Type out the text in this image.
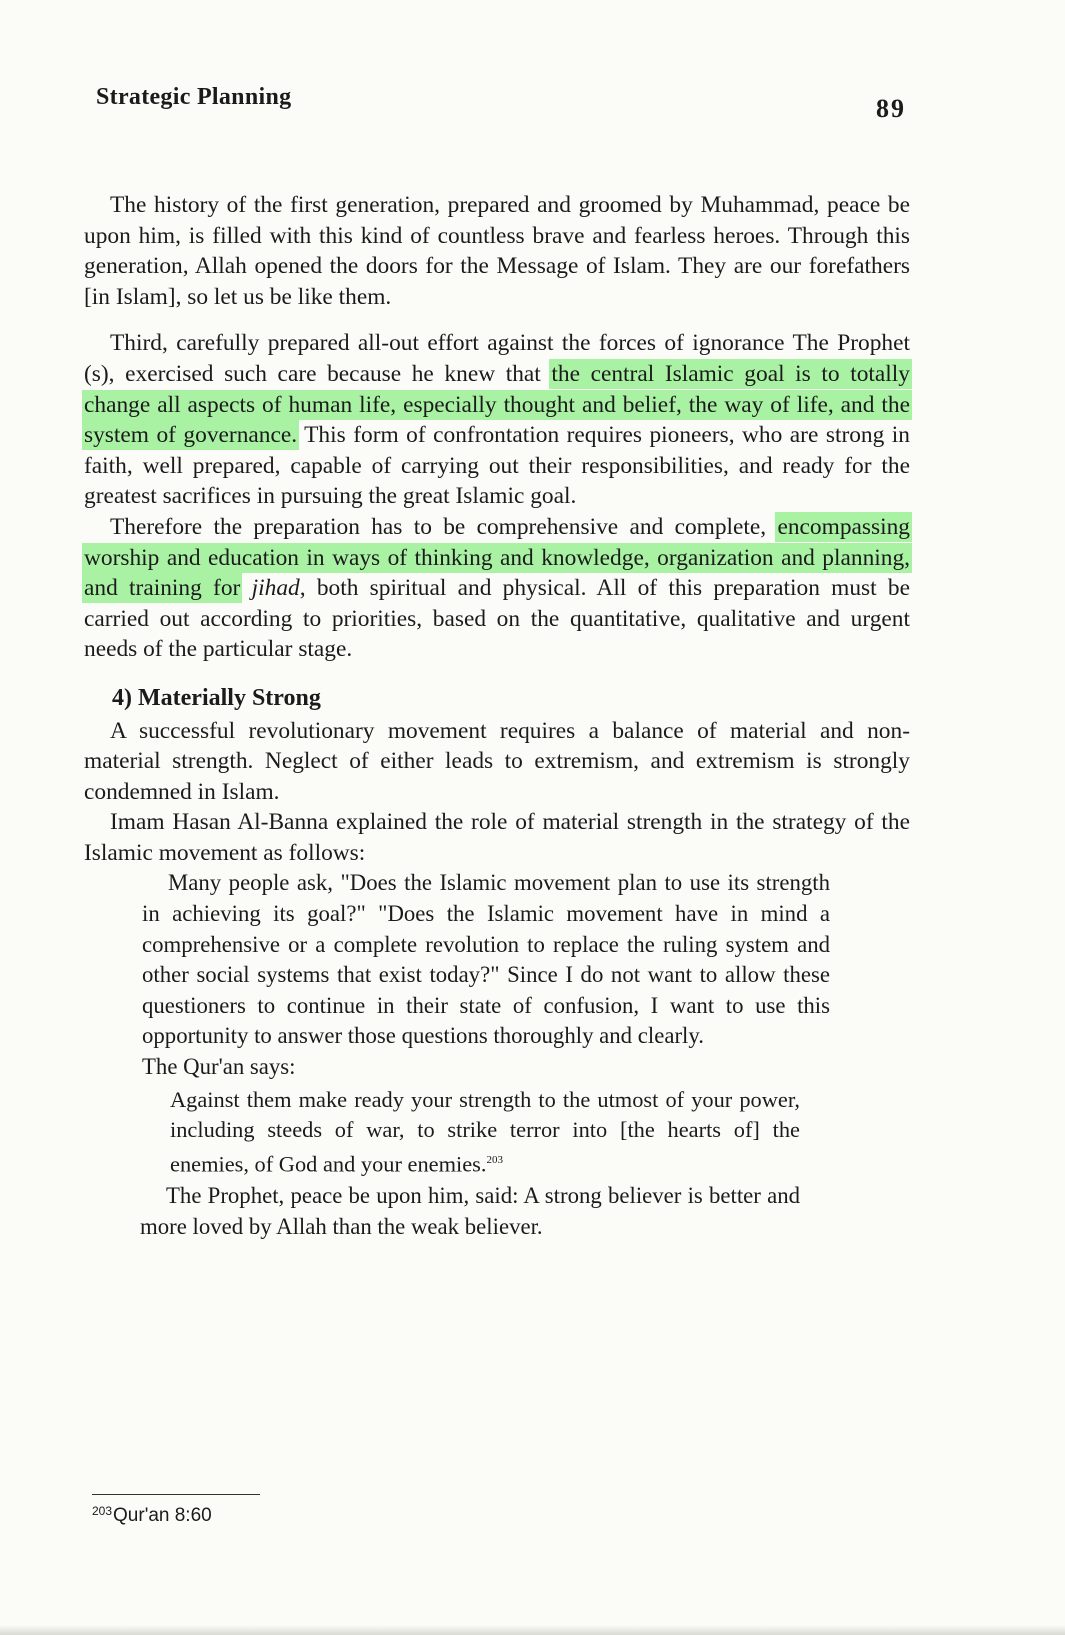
Strategic Planning	89

The history of the first generation, prepared and groomed by Muhammad, peace be upon him, is filled with this kind of countless brave and fearless heroes. Through this generation, Allah opened the doors for the Message of Islam. They are our forefathers [in Islam], so let us be like them.

Third, carefully prepared all-out effort against the forces of ignorance The Prophet (s), exercised such care because he knew that the central Islamic goal is to totally change all aspects of human life, especially thought and belief, the way of life, and the system of governance. This form of confrontation requires pioneers, who are strong in faith, well prepared, capable of carrying out their responsibilities, and ready for the greatest sacrifices in pursuing the great Islamic goal.

Therefore the preparation has to be comprehensive and complete, encompassing worship and education in ways of thinking and knowledge, organization and planning, and training for jihad, both spiritual and physical. All of this preparation must be carried out according to priorities, based on the quantitative, qualitative and urgent needs of the particular stage.

4) Materially Strong

A successful revolutionary movement requires a balance of material and non-material strength. Neglect of either leads to extremism, and extremism is strongly condemned in Islam.

Imam Hasan Al-Banna explained the role of material strength in the strategy of the Islamic movement as follows:

Many people ask, "Does the Islamic movement plan to use its strength in achieving its goal?" "Does the Islamic movement have in mind a comprehensive or a complete revolution to replace the ruling system and other social systems that exist today?" Since I do not want to allow these questioners to continue in their state of confusion, I want to use this opportunity to answer those questions thoroughly and clearly.

The Qur'an says:

Against them make ready your strength to the utmost of your power, including steeds of war, to strike terror into [the hearts of] the enemies, of God and your enemies.$^{203}$

The Prophet, peace be upon him, said: A strong believer is better and more loved by Allah than the weak believer.

$^{203}$Qur'an 8:60
